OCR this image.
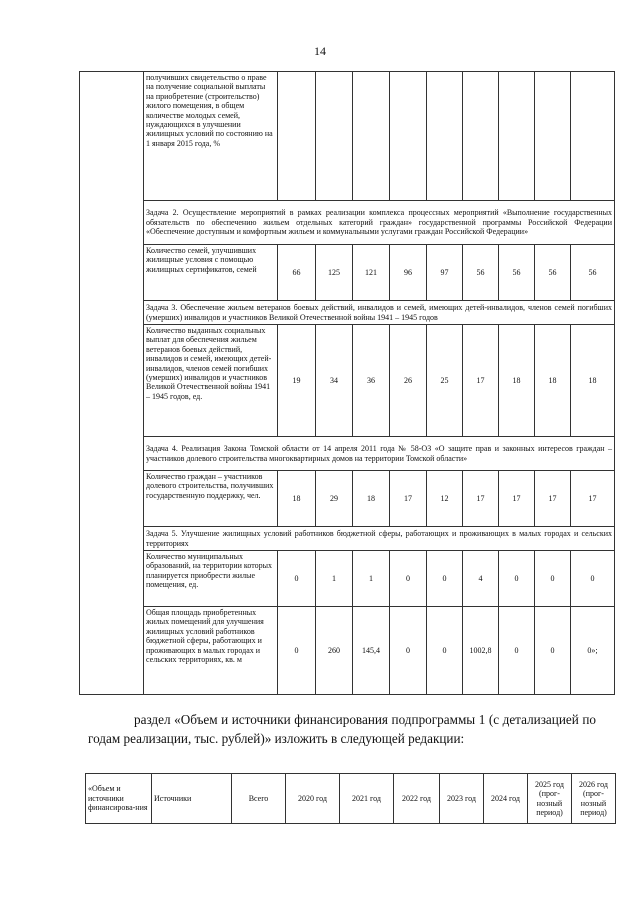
14
	получивших свидетельство о праве на получение социальной выплаты на приобретение (строительство) жилого помещения, в общем количестве молодых семей, нуждающихся в улучшении жилищных условий по состоянию на 1 января 2015 года, %									
	Задача 2. Осуществление мероприятий в рамках реализации комплекса процессных мероприятий «Выполнение государственных обязательств по обеспечению жильем отдельных категорий граждан» государственной программы Российской Федерации «Обеспечение доступным и комфортным жильем и коммунальными услугами граждан Российской Федерации»									
	Количество семей, улучшивших жилищные условия с помощью жилищных сертификатов, семей	66	125	121	96	97	56	56	56	56
	Задача 3. Обеспечение жильем ветеранов боевых действий, инвалидов и семей, имеющих детей-инвалидов, членов семей погибших (умерших) инвалидов и участников Великой Отечественной войны 1941 – 1945 годов									
	Количество выданных социальных выплат для обеспечения жильем ветеранов боевых действий, инвалидов и семей, имеющих детей-инвалидов, членов семей погибших (умерших) инвалидов и участников Великой Отечественной войны 1941 – 1945 годов, ед.	19	34	36	26	25	17	18	18	18
	Задача 4. Реализация Закона Томской области от 14 апреля 2011 года № 58-ОЗ «О защите прав и законных интересов граждан – участников долевого строительства многоквартирных домов на территории Томской области»									
	Количество граждан – участников долевого строительства, получивших государственную поддержку, чел.	18	29	18	17	12	17	17	17	17
	Задача 5. Улучшение жилищных условий работников бюджетной сферы, работающих и проживающих в малых городах и сельских территориях									
	Количество муниципальных образований, на территории которых планируется приобрести жилые помещения, ед.	0	1	1	0	0	4	0	0	0
	Общая площадь приобретенных жилых помещений для улучшения жилищных условий работников бюджетной сферы, работающих и проживающих в малых городах и сельских территориях, кв. м	0	260	145,4	0	0	1002,8	0	0	0»;
раздел «Объем и источники финансирования подпрограммы 1 (с детализацией по годам реализации, тыс. рублей)» изложить в следующей редакции:
«Объем и источники финансирова-ния	Источники	Всего	2020 год	2021 год	2022 год	2023 год	2024 год	2025 год (прог-нозный период)	2026 год (прог-нозный период)
